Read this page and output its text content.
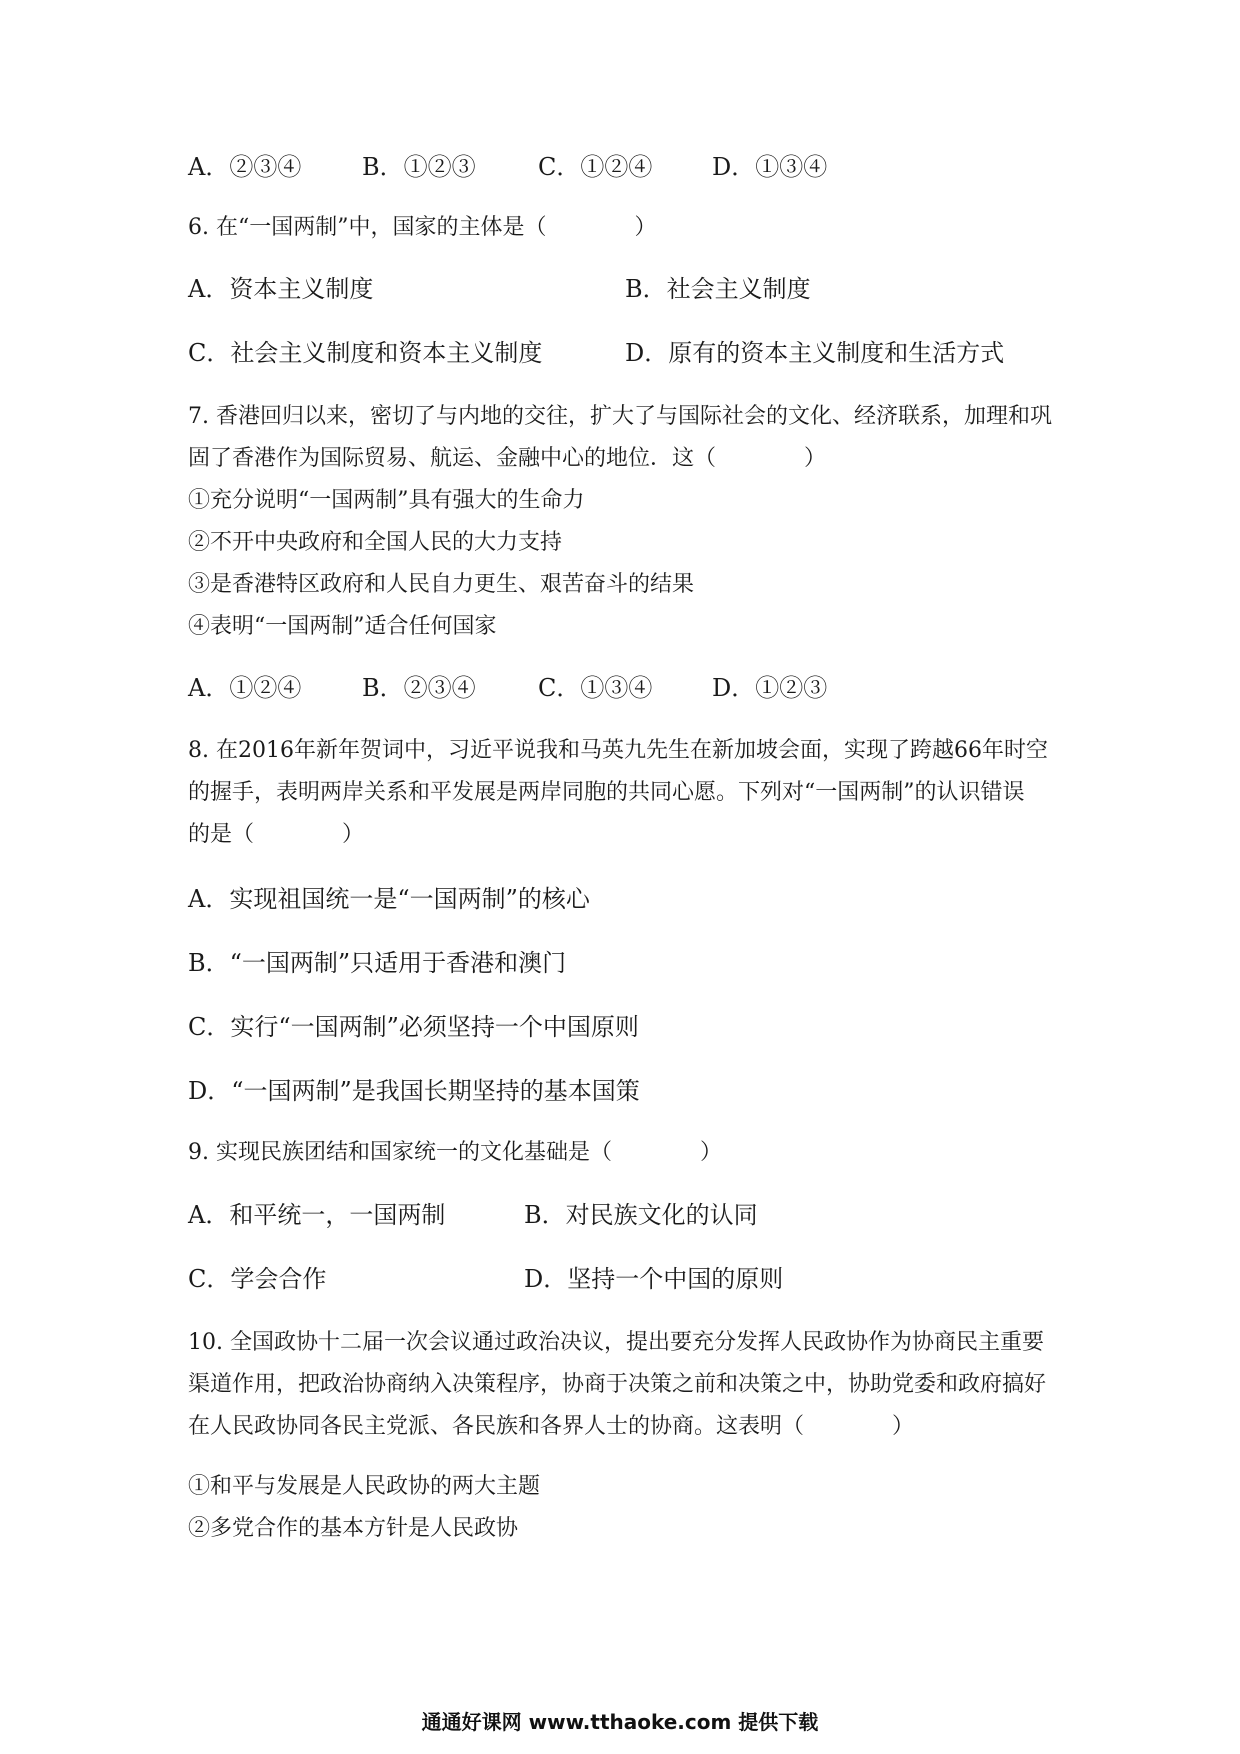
A．②③④	B．①②③	C．①②④ D．①③④
6. 在“一国两制”中，国家的主体是（　　　　）
A．资本主义制度	B．社会主义制度
C．社会主义制度和资本主义制度	D．原有的资本主义制度和生活方式
7. 香港回归以来，密切了与内地的交往，扩大了与国际社会的文化、经济联系，加理和巩
固了香港作为国际贸易、航运、金融中心的地位．这（　　　　）
①充分说明“一国两制”具有强大的生命力
②不开中央政府和全国人民的大力支持
③是香港特区政府和人民自力更生、艰苦奋斗的结果
④表明“一国两制”适合任何国家
A．①②④	B．②③④	C．①③④ D．①②③
8. 在2016年新年贺词中，习近平说我和马英九先生在新加坡会面，实现了跨越66年时空
的握手，表明两岸关系和平发展是两岸同胞的共同心愿。下列对“一国两制”的认识错误
的是（　　　　）
A．实现祖国统一是“一国两制”的核心
B．“一国两制”只适用于香港和澳门
C．实行“一国两制”必须坚持一个中国原则
D．“一国两制”是我国长期坚持的基本国策
9. 实现民族团结和国家统一的文化基础是（　　　　）
A．和平统一，一国两制	B．对民族文化的认同
C．学会合作	D．坚持一个中国的原则
10. 全国政协十二届一次会议通过政治决议，提出要充分发挥人民政协作为协商民主重要
渠道作用，把政治协商纳入决策程序，协商于决策之前和决策之中，协助党委和政府搞好
在人民政协同各民主党派、各民族和各界人士的协商。这表明（　　　　）
①和平与发展是人民政协的两大主题
②多党合作的基本方针是人民政协
通通好课网 www.tthaoke.com 提供下载
